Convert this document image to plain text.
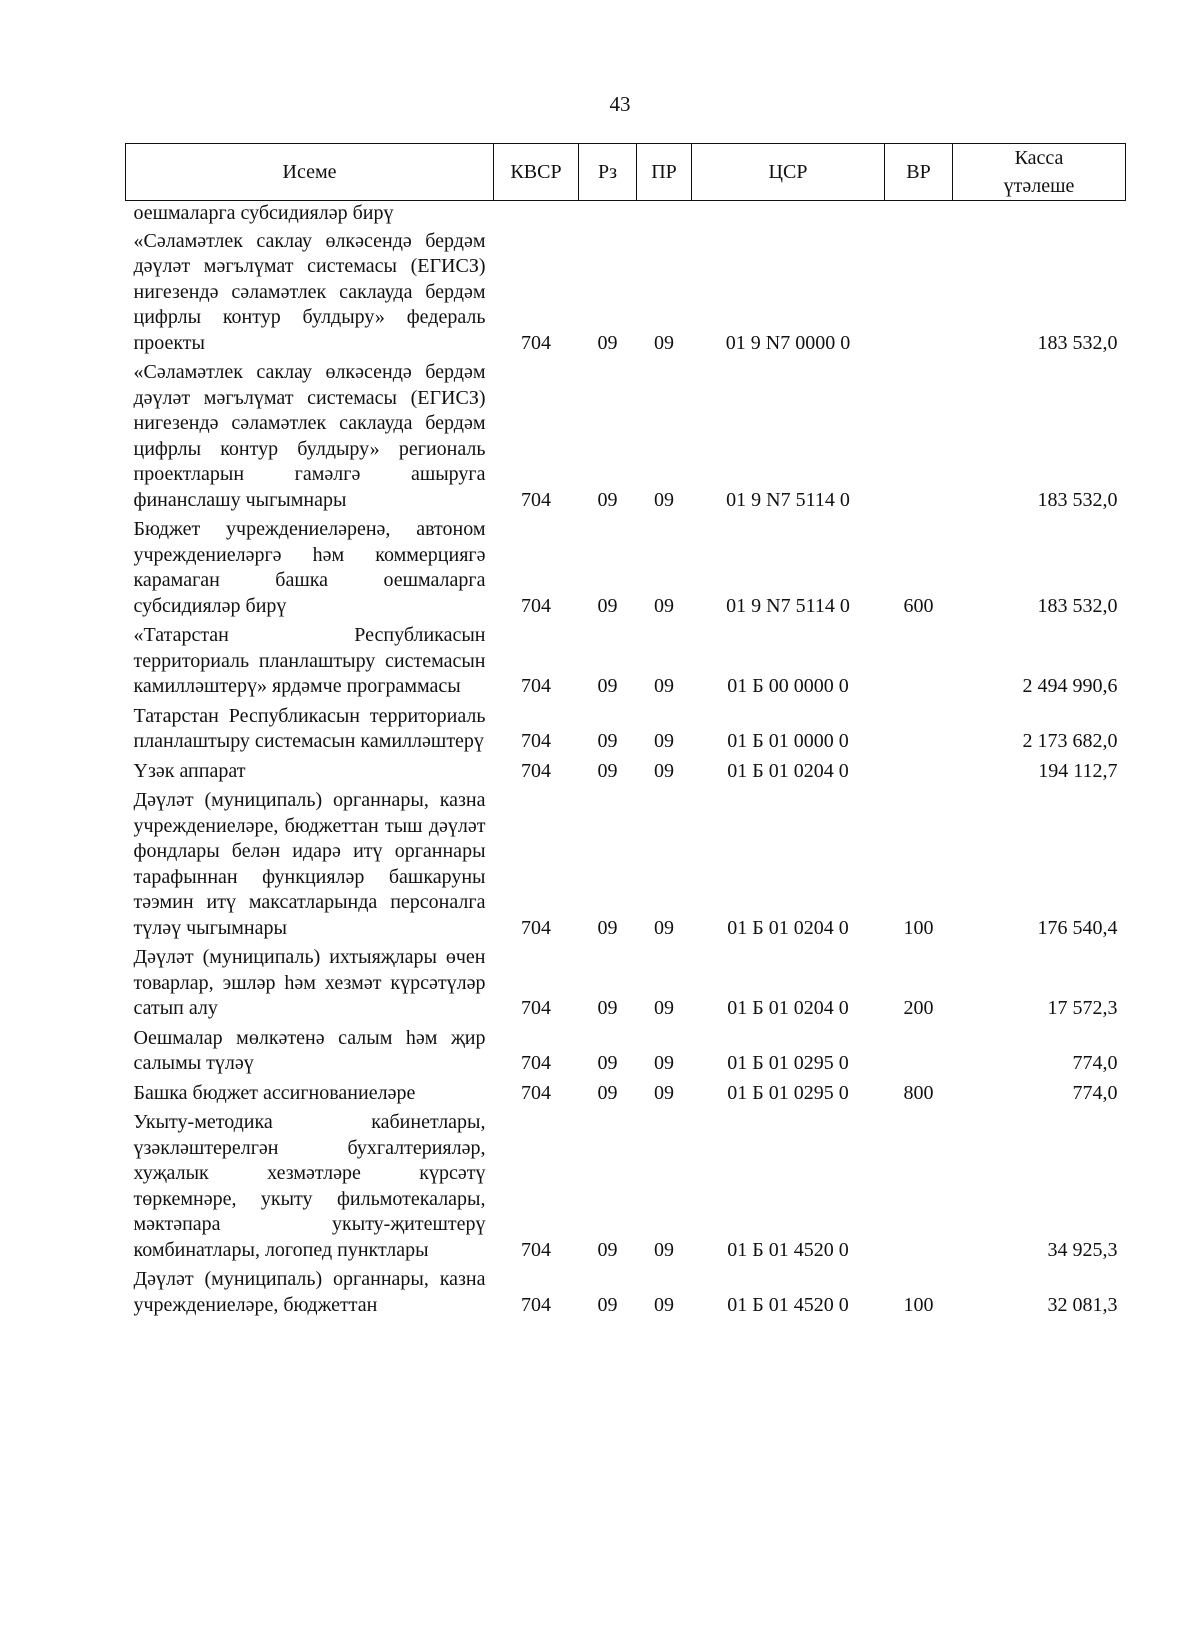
43
Исеме	КВСР	Рз	ПР	ЦСР	ВР	Касса
үтәлеше

оешмаларга субсидияләр бирү						
«Сәламәтлек саклау өлкәсендә бердәм дәүләт мәгълүмат системасы (ЕГИСЗ) нигезендә сәламәтлек саклауда бердәм цифрлы контур булдыру» федераль проекты	704	09	09	01 9 N7 0000 0		183 532,0
«Сәламәтлек саклау өлкәсендә бердәм дәүләт мәгълүмат системасы (ЕГИСЗ) нигезендә сәламәтлек саклауда бердәм цифрлы контур булдыру» региональ проектларын гамәлгә ашыруга финанслашу чыгымнары	704	09	09	01 9 N7 5114 0		183 532,0
Бюджет учреждениеләренә, автоном учреждениеләргә һәм коммерциягә карамаган башка оешмаларга субсидияләр бирү	704	09	09	01 9 N7 5114 0	600	183 532,0
«Татарстан Республикасын территориаль планлаштыру системасын камилләштерү» ярдәмче программасы	704	09	09	01 Б 00 0000 0		2 494 990,6
Татарстан Республикасын территориаль планлаштыру системасын камилләштерү	704	09	09	01 Б 01 0000 0		2 173 682,0
Үзәк аппарат	704	09	09	01 Б 01 0204 0		194 112,7
Дәүләт (муниципаль) органнары, казна учреждениеләре, бюджеттан тыш дәүләт фондлары белән идарә итү органнары тарафыннан функцияләр башкаруны тәэмин итү максатларында персоналга түләү чыгымнары	704	09	09	01 Б 01 0204 0	100	176 540,4
Дәүләт (муниципаль) ихтыяҗлары өчен товарлар, эшләр һәм хезмәт күрсәтүләр сатып алу	704	09	09	01 Б 01 0204 0	200	17 572,3
Оешмалар мөлкәтенә салым һәм җир салымы түләү	704	09	09	01 Б 01 0295 0		774,0
Башка бюджет ассигнованиеләре	704	09	09	01 Б 01 0295 0	800	774,0
Укыту-методика кабинетлары, үзәкләштерелгән бухгалтерияләр, хуҗалык хезмәтләре күрсәтү төркемнәре, укыту фильмотекалары, мәктәпара укыту-җитештерү комбинатлары, логопед пунктлары	704	09	09	01 Б 01 4520 0		34 925,3
Дәүләт (муниципаль) органнары, казна учреждениеләре, бюджеттан	704	09	09	01 Б 01 4520 0	100	32 081,3
